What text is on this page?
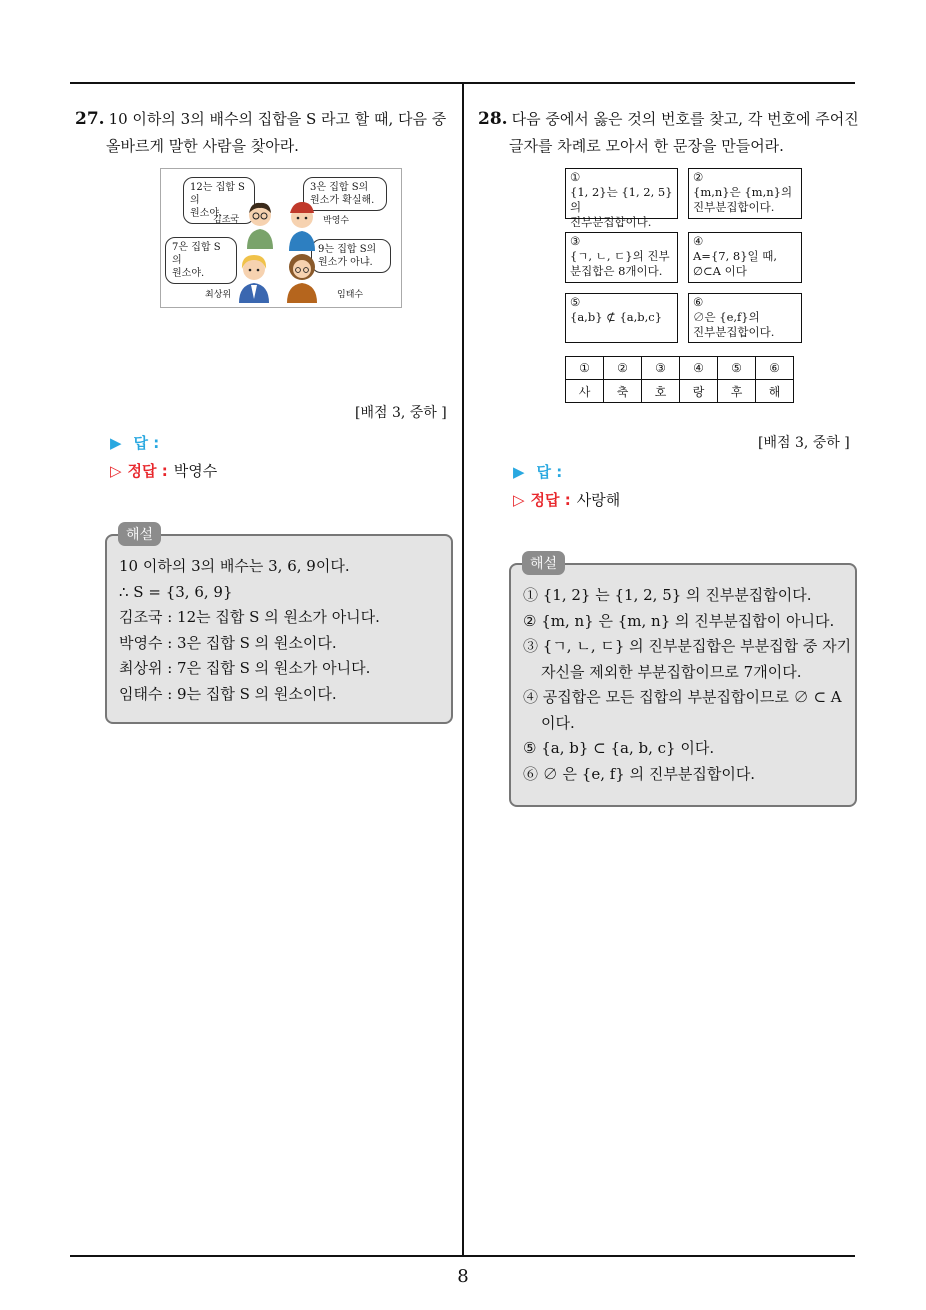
8
27. 10 이하의 3의 배수의 집합을 S 라고 할 때, 다음 중
올바르게 말한 사람을 찾아라.
12는 집합 S의
원소야.
3은 집합 S의
원소가 확실해.
7은 집합 S의
원소야.
9는 집합 S의
원소가 아냐.
김조국	박영수
최상위	임태수
[배점 3, 중하 ]
▶ 답 :
▷ 정답 : 박영수

10 이하의 3의 배수는 3, 6, 9이다.

∴ S = {3, 6, 9}

김조국 : 12는 집합 S 의 원소가 아니다.

박영수 : 3은 집합 S 의 원소이다.

최상위 : 7은 집합 S 의 원소가 아니다.

임태수 : 9는 집합 S 의 원소이다.

해설
28. 다음 중에서 옳은 것의 번호를 찾고, 각 번호에 주어진
글자를 차례로 모아서 한 문장을 만들어라.
①
{1, 2}는 {1, 2, 5}의
진부분집합이다.
②
{m,n}은 {m,n}의
진부분집합이다.
③
{ㄱ, ㄴ, ㄷ}의 진부
분집합은 8개이다.
④
A={7, 8}일 때,
∅⊂A 이다
⑤
{a,b} ⊄ {a,b,c}
⑥
∅은 {e,f}의
진부분집합이다.
①	②	③	④	⑤	⑥
사	축	호	랑	후	해
[배점 3, 중하 ]
▶ 답 :
▷ 정답 : 사랑해

① {1, 2} 는 {1, 2, 5} 의 진부분집합이다.

② {m, n} 은 {m, n} 의 진부분집합이 아니다.

③ {ㄱ, ㄴ, ㄷ} 의 진부분집합은 부분집합 중 자기

자신을 제외한 부분집합이므로 7개이다.

④ 공집합은 모든 집합의 부분집합이므로 ∅ ⊂ A

이다.

⑤ {a, b} ⊂ {a, b, c} 이다.

⑥ ∅ 은 {e, f} 의 진부분집합이다.

해설
